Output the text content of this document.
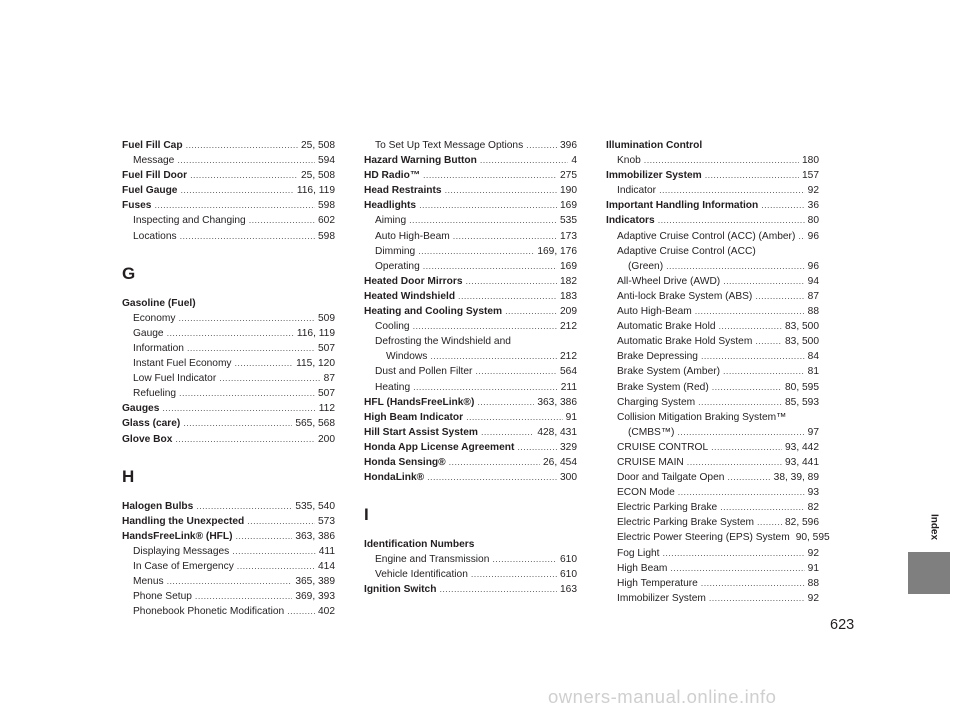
Fuel Fill Cap .....	25, 508
Message .....	594
Fuel Fill Door .....	25, 508
Fuel Gauge .....	116, 119
Fuses .....	598
Inspecting and Changing .....	602
Locations .....	598
G
Gasoline (Fuel)
Economy .....	509
Gauge .....	116, 119
Information .....	507
Instant Fuel Economy .....	115, 120
Low Fuel Indicator .....	87
Refueling .....	507
Gauges .....	112
Glass (care) .....	565, 568
Glove Box .....	200
H
Halogen Bulbs .....	535, 540
Handling the Unexpected .....	573
HandsFreeLink® (HFL) .....	363, 386
Displaying Messages .....	411
In Case of Emergency .....	414
Menus .....	365, 389
Phone Setup .....	369, 393
Phonebook Phonetic Modification .....	402
To Set Up Text Message Options .....	396
Hazard Warning Button .....	4
HD Radio™ .....	275
Head Restraints .....	190
Headlights .....	169
Aiming .....	535
Auto High-Beam .....	173
Dimming .....	169, 176
Operating .....	169
Heated Door Mirrors .....	182
Heated Windshield .....	183
Heating and Cooling System .....	209
Cooling .....	212
Defrosting the Windshield and
Windows .....	212
Dust and Pollen Filter .....	564
Heating .....	211
HFL (HandsFreeLink®) .....	363, 386
High Beam Indicator .....	91
Hill Start Assist System .....	428, 431
Honda App License Agreement .....	329
Honda Sensing® .....	26, 454
HondaLink® .....	300
I
Identification Numbers
Engine and Transmission .....	610
Vehicle Identification .....	610
Ignition Switch .....	163
Illumination Control
Knob .....	180
Immobilizer System .....	157
Indicator .....	92
Important Handling Information .....	36
Indicators .....	80
Adaptive Cruise Control (ACC) (Amber) ..... 96
Adaptive Cruise Control (ACC)
(Green) .....	96
All-Wheel Drive (AWD) .....	94
Anti-lock Brake System (ABS) .....	87
Auto High-Beam .....	88
Automatic Brake Hold .....	83, 500
Automatic Brake Hold System .....	83, 500
Brake Depressing .....	84
Brake System (Amber) .....	81
Brake System (Red) .....	80, 595
Charging System .....	85, 593
Collision Mitigation Braking System™
(CMBS™) .....	97
CRUISE CONTROL .....	93, 442
CRUISE MAIN .....	93, 441
Door and Tailgate Open .....	38, 39, 89
ECON Mode .....	93
Electric Parking Brake .....	82
Electric Parking Brake System .....	82, 596
Electric Power Steering (EPS) System 90, 595
Fog Light .....	92
High Beam .....	91
High Temperature .....	88
Immobilizer System .....	92
Index
623
owners-manual.online.info
